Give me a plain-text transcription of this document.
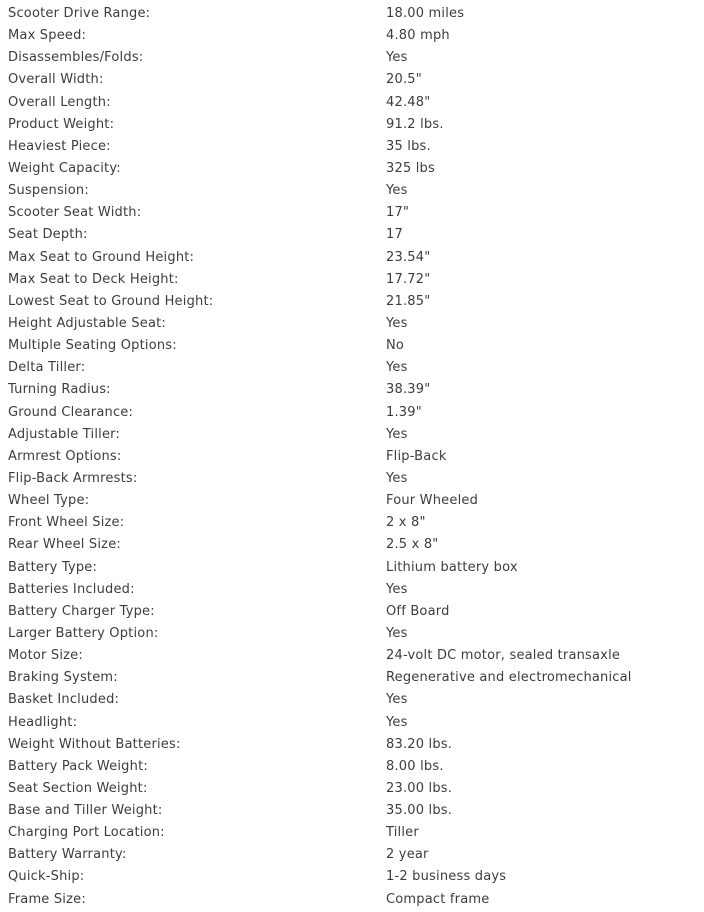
Scooter Drive Range:	18.00 miles
Max Speed:	4.80 mph
Disassembles/Folds:	Yes
Overall Width:	20.5"
Overall Length:	42.48"
Product Weight:	91.2 lbs.
Heaviest Piece:	35 lbs.
Weight Capacity:	325 lbs
Suspension:	Yes
Scooter Seat Width:	17"
Seat Depth:	17
Max Seat to Ground Height:	23.54"
Max Seat to Deck Height:	17.72"
Lowest Seat to Ground Height:	21.85"
Height Adjustable Seat:	Yes
Multiple Seating Options:	No
Delta Tiller:	Yes
Turning Radius:	38.39"
Ground Clearance:	1.39"
Adjustable Tiller:	Yes
Armrest Options:	Flip-Back
Flip-Back Armrests:	Yes
Wheel Type:	Four Wheeled
Front Wheel Size:	2 x 8"
Rear Wheel Size:	2.5 x 8"
Battery Type:	Lithium battery box
Batteries Included:	Yes
Battery Charger Type:	Off Board
Larger Battery Option:	Yes
Motor Size:	24-volt DC motor, sealed transaxle
Braking System:	Regenerative and electromechanical
Basket Included:	Yes
Headlight:	Yes
Weight Without Batteries:	83.20 lbs.
Battery Pack Weight:	8.00 lbs.
Seat Section Weight:	23.00 lbs.
Base and Tiller Weight:	35.00 lbs.
Charging Port Location:	Tiller
Battery Warranty:	2 year
Quick-Ship:	1-2 business days
Frame Size:	Compact frame
